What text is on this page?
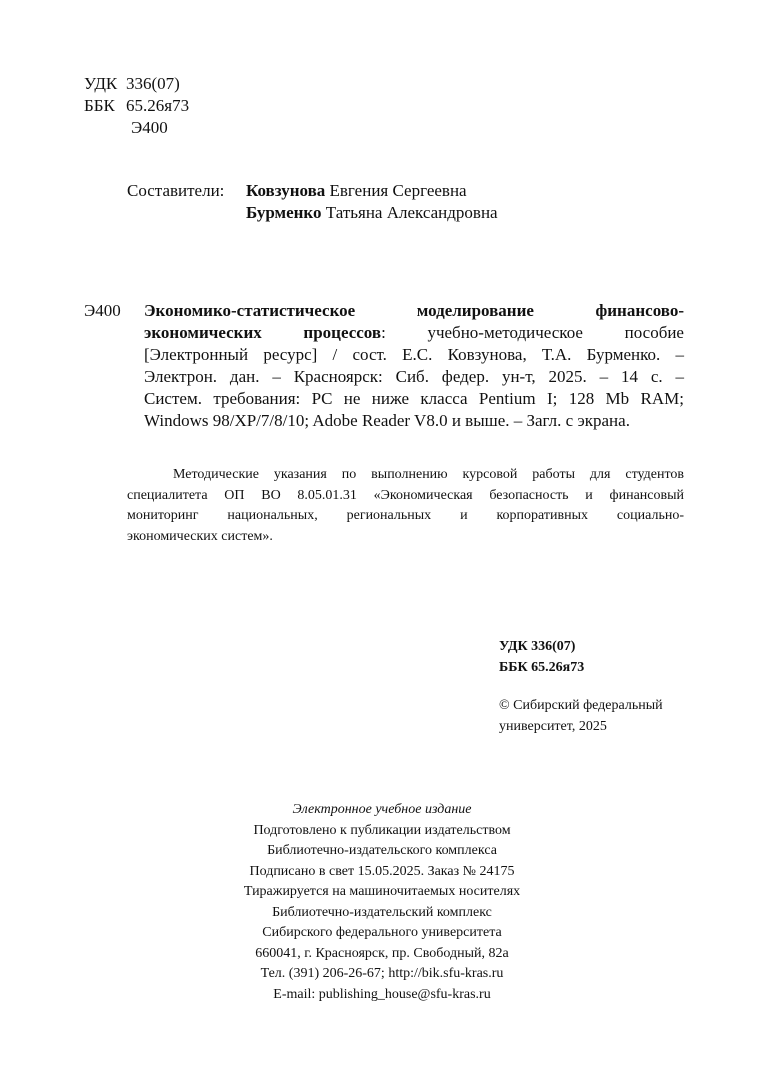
УДК 336(07)
ББК 65.26я73
Э400
Составители:	Ковзунова Евгения Сергеевна
Бурменко Татьяна Александровна
Э400 Экономико-статистическое моделирование финансово-
экономических процессов: учебно-методическое пособие
[Электронный ресурс] / сост. Е.С. Ковзунова, Т.А. Бурменко. –
Электрон. дан. – Красноярск: Сиб. федер. ун-т, 2025. – 14 с. –
Систем. требования: PC не ниже класса Pentium I; 128 Mb RAM;
Windows 98/XP/7/8/10; Adobe Reader V8.0 и выше. – Загл. с экрана.
Методические указания по выполнению курсовой работы для студентов
специалитета ОП ВО 8.05.01.31 «Экономическая безопасность и финансовый
мониторинг национальных, региональных и корпоративных социально-
экономических систем».
УДК 336(07)
ББК 65.26я73
© Сибирский федеральный
университет, 2025
Электронное учебное издание
Подготовлено к публикации издательством
Библиотечно-издательского комплекса
Подписано в свет 15.05.2025. Заказ № 24175
Тиражируется на машиночитаемых носителях
Библиотечно-издательский комплекс
Сибирского федерального университета
660041, г. Красноярск, пр. Свободный, 82а
Тел. (391) 206-26-67; http://bik.sfu-kras.ru
E-mail: publishing_house@sfu-kras.ru
